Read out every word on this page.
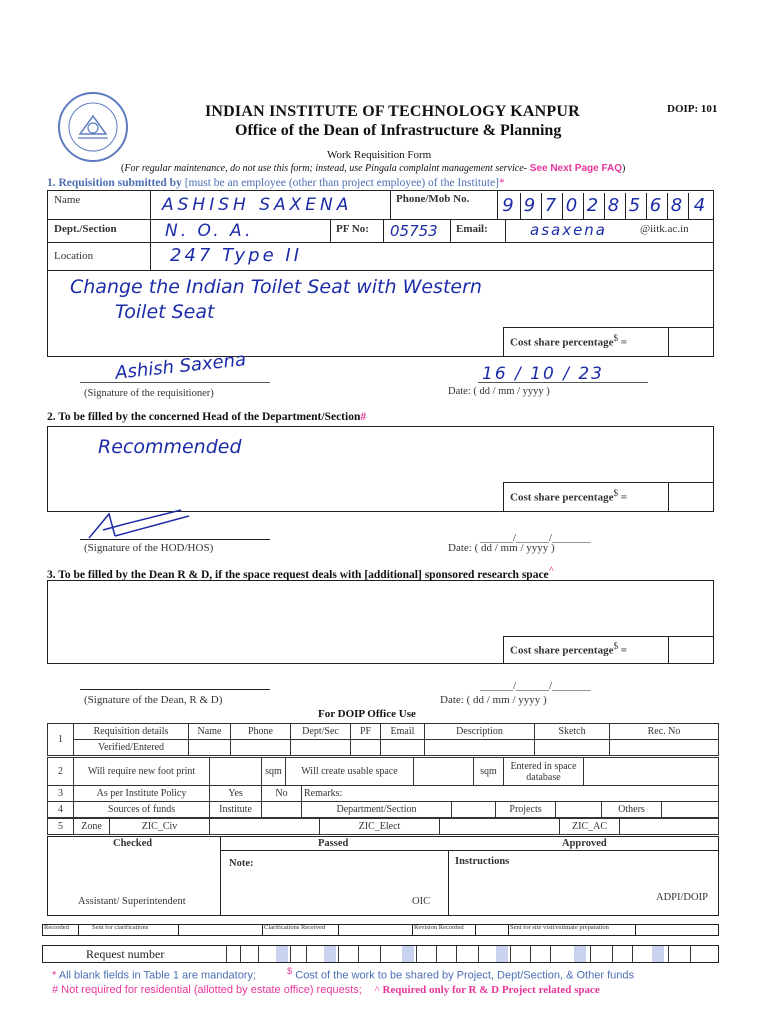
INDIAN INSTITUTE OF TECHNOLOGY KANPUR
Office of the Dean of Infrastructure & Planning
DOIP: 101
Work Requisition Form
(For regular maintenance, do not use this form; instead, use Pingala complaint management service- See Next Page FAQ)
1. Requisition submitted by [must be an employee (other than project employee) of the Institute]*
Name	ASHISH SAXENA	Phone/Mob No. 9 9 7 0 2 8 5 6 8 4
Dept./Section	N. O. A.	PF No: 05753 Email:	asaxena	@iitk.ac.in
Location	247 Type II
Change the Indian Toilet Seat with Western
Toilet Seat
Cost share percentage$ =
Ashish Saxena
(Signature of the requisitioner)
16 / 10 / 23
Date: ( dd / mm / yyyy )
2. To be filled by the concerned Head of the Department/Section#
Recommended
Cost share percentage$ =
(Signature of the HOD/HOS)
______/______/_______
Date: ( dd / mm / yyyy )
3. To be filled by the Dean R & D, if the space request deals with [additional] sponsored research space^
Cost share percentage$ =
(Signature of the Dean, R & D)
______/______/_______
Date: ( dd / mm / yyyy )
For DOIP Office Use
1	Requisition details	Name	Phone	Dept/Sec	PF	Email	Description	Sketch	Rec. No
	Verified/Entered								
2	Will require new foot print		sqm	Will create usable space		sqm	Entered in space database	
3	As per Institute Policy	Yes	No	Remarks:
4	Sources of funds	Institute		Department/Section		Projects		Others	
5	Zone	ZIC_Civ		ZIC_Elect		ZIC_AC	
Checked	Passed	Approved
Note:	Instructions
Assistant/ Superintendent	OIC	ADPI/DOIP
Recorded	Sent for clarifications	Clarifications Received	Revision Recorded	Sent for site visit/estimate preparation
Request number
* All blank fields in Table 1 are mandatory;	$ Cost of the work to be shared by Project, Dept/Section, & Other funds
# Not required for residential (allotted by estate office) requests; ^ Required only for R & D Project related space
